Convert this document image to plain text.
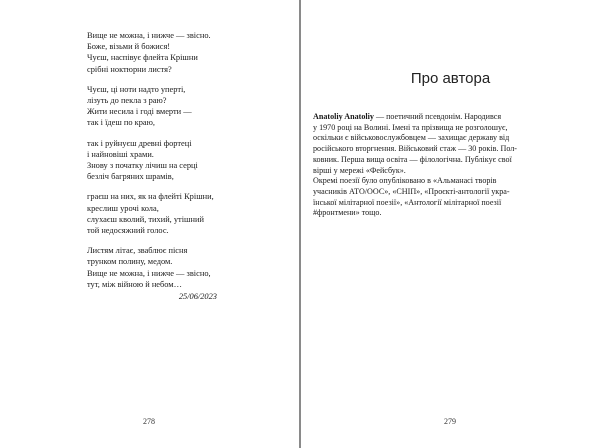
Вище не можна, і нижче — звісно.
Боже, візьми й божися!
Чуєш, наспівує флейта Крішни
срібні ноктюрни листя?
Чуєш, ці ноти надто уперті,
лізуть до пекла з раю?
Жити несила і годі вмерти —
так і їдеш по краю,
так і руйнуєш древні фортеці
і найновіші храми.
Знову з початку лічиш на серці
безліч багряних шрамів,
граєш на них, як на флейті Крішни,
креслиш урочі кола,
слухаєш кволий, тихий, утішний
той недосяжний голос.
Листям літає, зваблює пісня
трунком полину, медом.
Вище не можна, і нижче — звісно,
тут, між війною й небом…
25/06/2023
278
Про автора

Anatoliy Anatoliy — поетичний псевдонім. Народився

у 1970 році на Волині. Імені та прізвища не розголошує,

оскільки є військовослужбовцем — захищає державу від

російського вторгнення. Військовий стаж — 30 років. Пол-

ковник. Перша вища освіта — філологічна. Публікує свої

вірші у мережі «Фейсбук».

Окремі поезії було опубліковано в «Альманасі творів

учасників АТО/ООС», «СНІП», «Проєкті-антології укра-

їнської мілітарної поезії», «Антології мілітарної поезії

#фронтмени» тощо.

279
